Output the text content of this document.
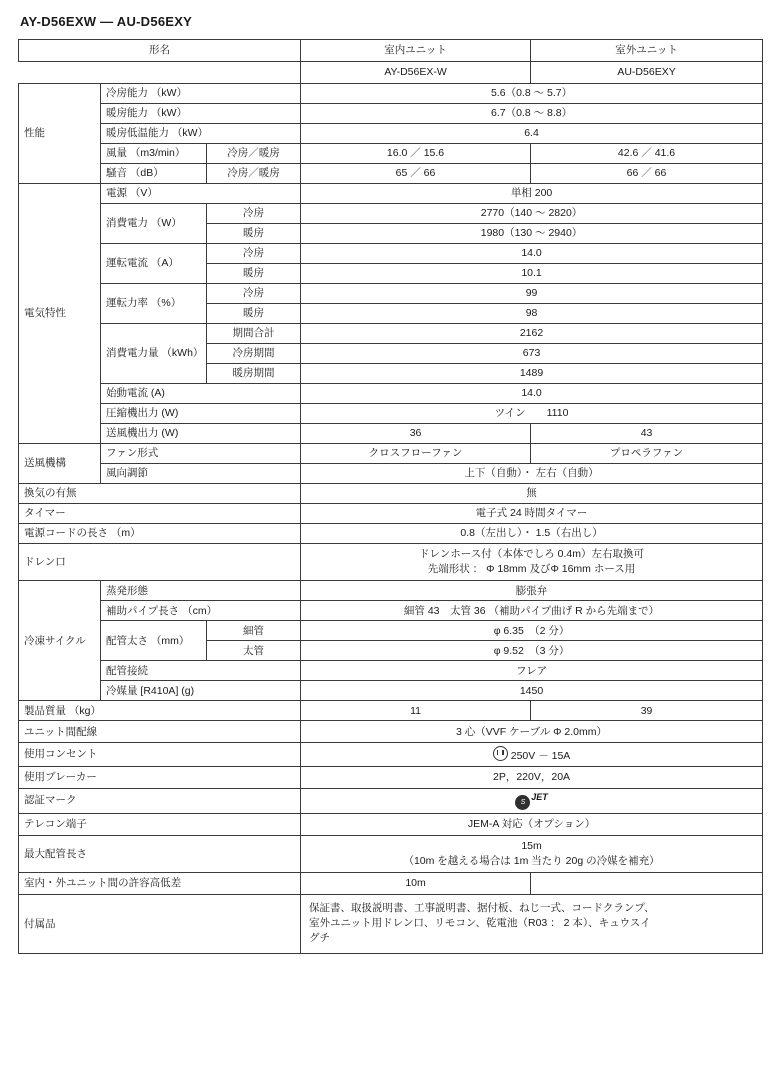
AY-D56EXW — AU-D56EXY
形名			室内ユニット	室外ユニット
			AY-D56EX-W	AU-D56EXY
性能	冷房能力 （kW）		5.6（0.8 〜 5.7）	
	暖房能力 （kW）		6.7（0.8 〜 8.8）	
	暖房低温能力 （kW）		6.4	
	風量 （m3/min）	冷房／暖房	16.0 ／ 15.6	42.6 ／ 41.6
	騒音 （dB）	冷房／暖房	65 ／ 66	66 ／ 66
電気特性	電源 （V）		単相 200	
	消費電力 （W）	冷房	2770（140 〜 2820）	
		暖房	1980（130 〜 2940）	
	運転電流 （A）	冷房	14.0	
		暖房	10.1	
	運転力率 （%）	冷房	99	
		暖房	98	
	消費電力量 （kWh）	期間合計	2162	
		冷房期間	673	
		暖房期間	1489	
	始動電流 (A)		14.0	
	圧縮機出力 (W)		ツイン　　1110	
	送風機出力 (W)		36	43

送風機構	ファン形式		クロスフローファン	プロペラファン
	風向調節		上下（自動）・ 左右（自動）	
換気の有無			無	
タイマー			電子式 24 時間タイマー	
電源コードの長さ （m）			0.8（左出し）・ 1.5（右出し）	
ドレン口			ドレンホース付（本体でしろ 0.4m）左右取換可
先端形状 ： Φ 18mm 及びΦ 16mm ホース用	

冷凍サイクル	蒸発形態		膨張弁	
	補助パイプ長さ （cm）		細管 43　太管 36 （補助パイプ曲げ R から先端まで）	
	配管太さ （mm）	細管	φ 6.35　（2 分）	
		太管	φ 9.52　（3 分）	
	配管接続		フレア	
	冷媒量 [R410A] (g)		1450	
製品質量 （kg）			11	39
ユニット間配線			3 心（VVF ケーブル Φ 2.0mm）	
使用コンセント			250V － 15A	
使用ブレーカー			2P，220V，20A	
認証マーク			SJET	
テレコン端子			JEM-A 対応（オプション）	
最大配管長さ			15m
（10m を越える場合は 1m 当たり 20g の冷媒を補充）	

室内・外ユニット間の許容高低差			10m	
付属品			保証書、取扱説明書、工事説明書、据付板、ねじ一式、コードクランプ、
室外ユニット用ドレン口、リモコン、乾電池（R03 ： 2 本）、キュウスイ
グチ	
